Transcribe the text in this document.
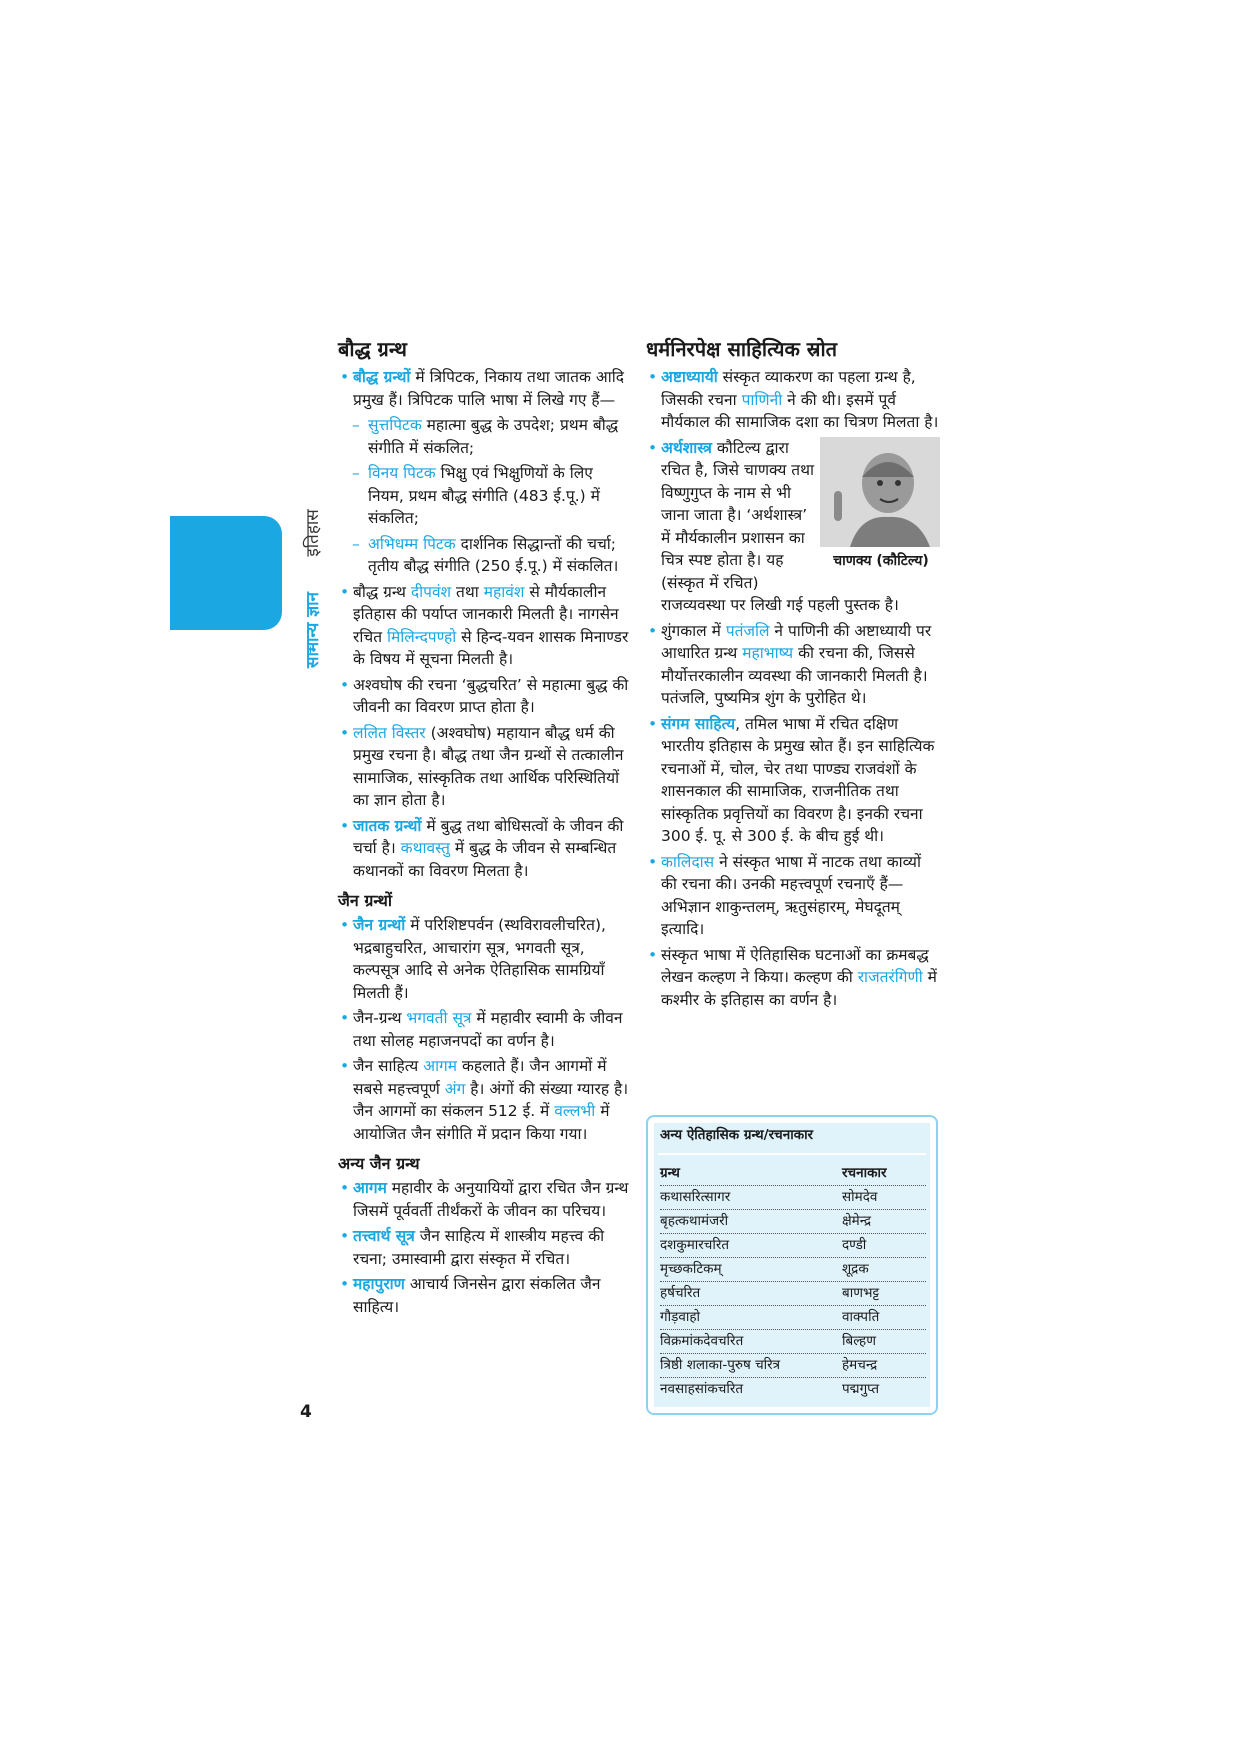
सामान्य ज्ञान – इतिहास
बौद्ध ग्रन्थ

• बौद्ध ग्रन्थों में त्रिपिटक, निकाय तथा जातक आदि प्रमुख हैं। त्रिपिटक पालि भाषा में लिखे गए हैं—

– सुत्तपिटक महात्मा बुद्ध के उपदेश; प्रथम बौद्ध संगीति में संकलित;

– विनय पिटक भिक्षु एवं भिक्षुणियों के लिए नियम, प्रथम बौद्ध संगीति (483 ई.पू.) में संकलित;

– अभिधम्म पिटक दार्शनिक सिद्धान्तों की चर्चा; तृतीय बौद्ध संगीति (250 ई.पू.) में संकलित।

• बौद्ध ग्रन्थ दीपवंश तथा महावंश से मौर्यकालीन इतिहास की पर्याप्त जानकारी मिलती है। नागसेन रचित मिलिन्दपण्हो से हिन्द-यवन शासक मिनाण्डर के विषय में सूचना मिलती है।

• अश्वघोष की रचना ‘बुद्धचरित’ से महात्मा बुद्ध की जीवनी का विवरण प्राप्त होता है।

• ललित विस्तर (अश्वघोष) महायान बौद्ध धर्म की प्रमुख रचना है। बौद्ध तथा जैन ग्रन्थों से तत्कालीन सामाजिक, सांस्कृतिक तथा आर्थिक परिस्थितियों का ज्ञान होता है।

• जातक ग्रन्थों में बुद्ध तथा बोधिसत्वों के जीवन की चर्चा है। कथावस्तु में बुद्ध के जीवन से सम्बन्धित कथानकों का विवरण मिलता है।

जैन ग्रन्थों

• जैन ग्रन्थों में परिशिष्टपर्वन (स्थविरावलीचरित), भद्रबाहुचरित, आचारांग सूत्र, भगवती सूत्र, कल्पसूत्र आदि से अनेक ऐतिहासिक सामग्रियाँ मिलती हैं।

• जैन-ग्रन्थ भगवती सूत्र में महावीर स्वामी के जीवन तथा सोलह महाजनपदों का वर्णन है।

• जैन साहित्य आगम कहलाते हैं। जैन आगमों में सबसे महत्त्वपूर्ण अंग है। अंगों की संख्या ग्यारह है। जैन आगमों का संकलन 512 ई. में वल्लभी में आयोजित जैन संगीति में प्रदान किया गया।

अन्य जैन ग्रन्थ

• आगम महावीर के अनुयायियों द्वारा रचित जैन ग्रन्थ जिसमें पूर्ववर्ती तीर्थंकरों के जीवन का परिचय।

• तत्त्वार्थ सूत्र जैन साहित्य में शास्त्रीय महत्त्व की रचना; उमास्वामी द्वारा संस्कृत में रचित।

• महापुराण आचार्य जिनसेन द्वारा संकलित जैन साहित्य।

4
धर्मनिरपेक्ष साहित्यिक स्रोत

• अष्टाध्यायी संस्कृत व्याकरण का पहला ग्रन्थ है, जिसकी रचना पाणिनी ने की थी। इसमें पूर्व मौर्यकाल की सामाजिक दशा का चित्रण मिलता है।

चाणक्य (कौटिल्य)

• अर्थशास्त्र कौटिल्य द्वारा रचित है, जिसे चाणक्य तथा विष्णुगुप्त के नाम से भी जाना जाता है। ‘अर्थशास्त्र’ में मौर्यकालीन प्रशासन का चित्र स्पष्ट होता है। यह (संस्कृत में रचित) राजव्यवस्था पर लिखी गई पहली पुस्तक है।

• शुंगकाल में पतंजलि ने पाणिनी की अष्टाध्यायी पर आधारित ग्रन्थ महाभाष्य की रचना की, जिससे मौर्योत्तरकालीन व्यवस्था की जानकारी मिलती है। पतंजलि, पुष्यमित्र शुंग के पुरोहित थे।

• संगम साहित्य, तमिल भाषा में रचित दक्षिण भारतीय इतिहास के प्रमुख स्रोत हैं। इन साहित्यिक रचनाओं में, चोल, चेर तथा पाण्ड्य राजवंशों के शासनकाल की सामाजिक, राजनीतिक तथा सांस्कृतिक प्रवृत्तियों का विवरण है। इनकी रचना 300 ई. पू. से 300 ई. के बीच हुई थी।

• कालिदास ने संस्कृत भाषा में नाटक तथा काव्यों की रचना की। उनकी महत्त्वपूर्ण रचनाएँ हैं—अभिज्ञान शाकुन्तलम्, ऋतुसंहारम्, मेघदूतम् इत्यादि।

• संस्कृत भाषा में ऐतिहासिक घटनाओं का क्रमबद्ध लेखन कल्हण ने किया। कल्हण की राजतरंगिणी में कश्मीर के इतिहास का वर्णन है।

अन्य ऐतिहासिक ग्रन्थ/रचनाकार
ग्रन्थ	रचनाकार
कथासरित्सागर	सोमदेव
बृहत्कथामंजरी	क्षेमेन्द्र
दशकुमारचरित	दण्डी
मृच्छकटिकम्	शूद्रक
हर्षचरित	बाणभट्ट
गौड़वाहो	वाक्पति
विक्रमांकदेवचरित	बिल्हण
त्रिष्ठी शलाका-पुरुष चरित्र	हेमचन्द्र
नवसाहसांकचरित	पद्मगुप्त
